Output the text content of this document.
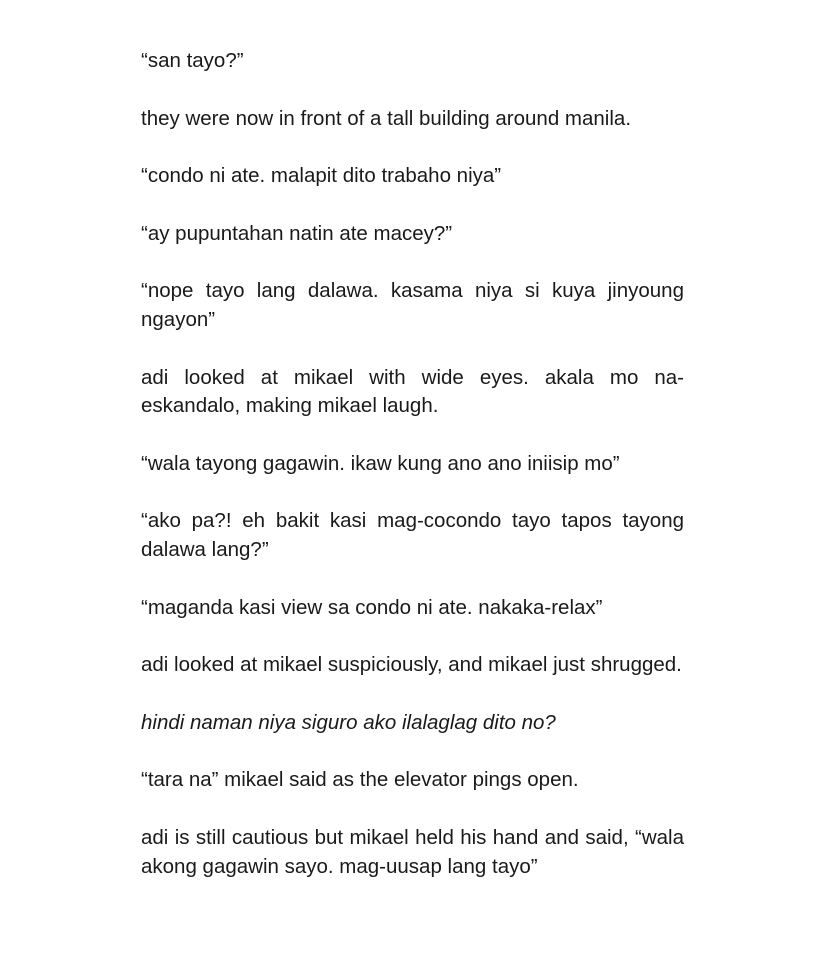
“san tayo?”

they were now in front of a tall building around manila.

“condo ni ate. malapit dito trabaho niya”

“ay pupuntahan natin ate macey?”

“nope tayo lang dalawa. kasama niya si kuya jinyoung ngayon”

adi looked at mikael with wide eyes. akala mo na-eskandalo, making mikael laugh.

“wala tayong gagawin. ikaw kung ano ano iniisip mo”

“ako pa?! eh bakit kasi mag-cocondo tayo tapos tayong dalawa lang?”

“maganda kasi view sa condo ni ate. nakaka-relax”

adi looked at mikael suspiciously, and mikael just shrugged.

hindi naman niya siguro ako ilalaglag dito no?

“tara na” mikael said as the elevator pings open.

adi is still cautious but mikael held his hand and said, “wala akong gagawin sayo. mag-uusap lang tayo”
